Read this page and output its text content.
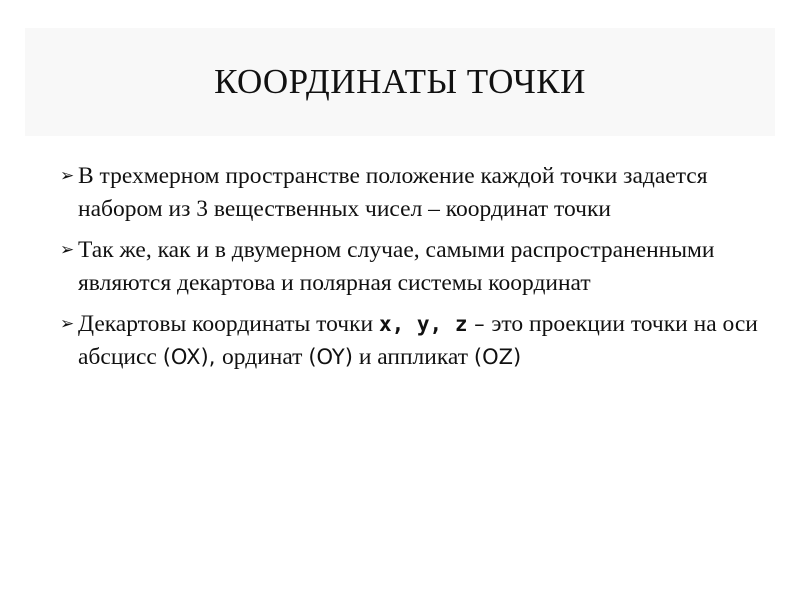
КООРДИНАТЫ ТОЧКИ
➢ В трехмерном пространстве положение каждой точки задается набором из 3 вещественных чисел – координат точки
➢ Так же, как и в двумерном случае, самыми распространенными являются декартова и полярная системы координат
➢ Декартовы координаты точки x, y, z – это проекции точки на оси абсцисс (OX), ординат (OY) и аппликат (OZ)
